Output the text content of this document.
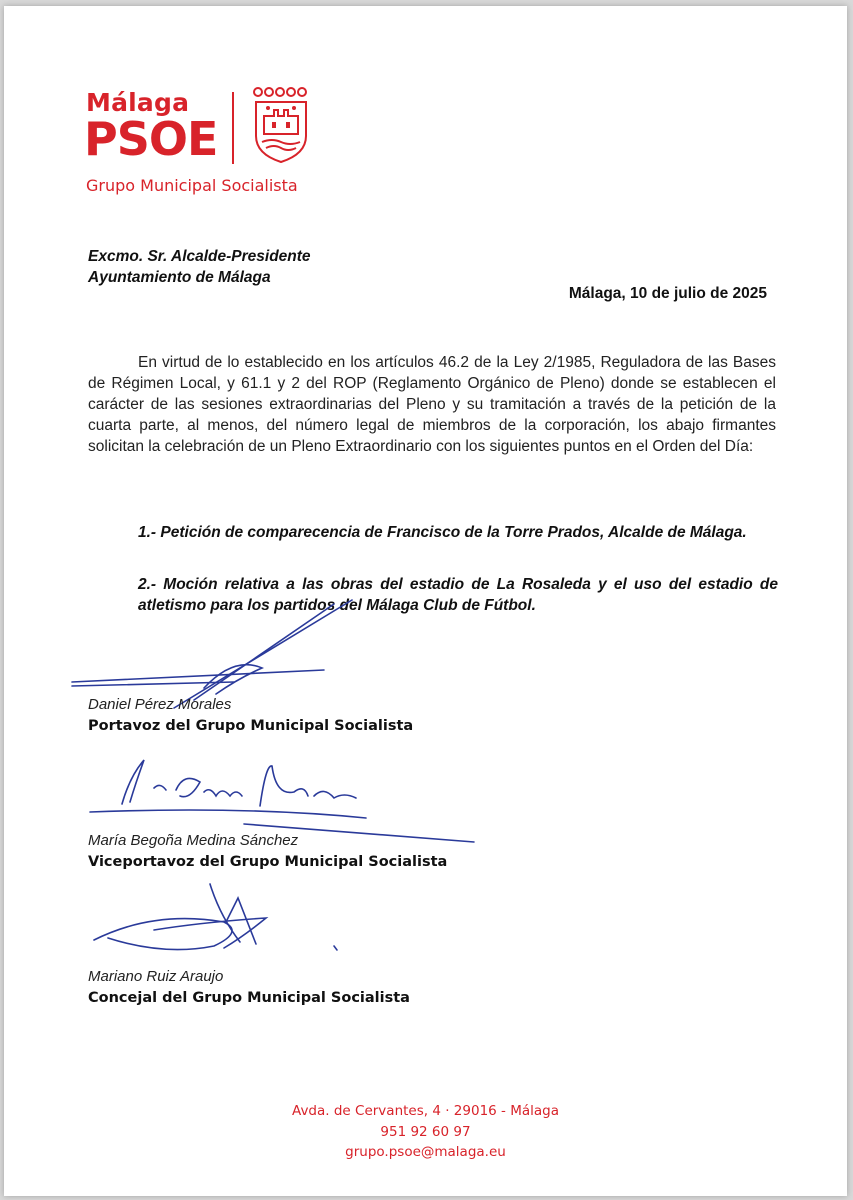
Málaga
PSOE
Grupo Municipal Socialista
Excmo. Sr. Alcalde-Presidente
Ayuntamiento de Málaga
Málaga, 10 de julio de 2025
En virtud de lo establecido en los artículos 46.2 de la Ley 2/1985, Reguladora de las Bases de Régimen Local, y 61.1 y 2 del ROP (Reglamento Orgánico de Pleno) donde se establecen el carácter de las sesiones extraordinarias del Pleno y su tramitación a través de la petición de la cuarta parte, al menos, del número legal de miembros de la corporación, los abajo firmantes solicitan la celebración de un Pleno Extraordinario con los siguientes puntos en el Orden del Día:
1.- Petición de comparecencia de Francisco de la Torre Prados, Alcalde de Málaga.
2.- Moción relativa a las obras del estadio de La Rosaleda y el uso del estadio de atletismo para los partidos del Málaga Club de Fútbol.
Daniel Pérez Morales
Portavoz del Grupo Municipal Socialista
María Begoña Medina Sánchez
Viceportavoz del Grupo Municipal Socialista
Mariano Ruiz Araujo
Concejal del Grupo Municipal Socialista
Avda. de Cervantes, 4 · 29016 - Málaga
951 92 60 97
grupo.psoe@malaga.eu
